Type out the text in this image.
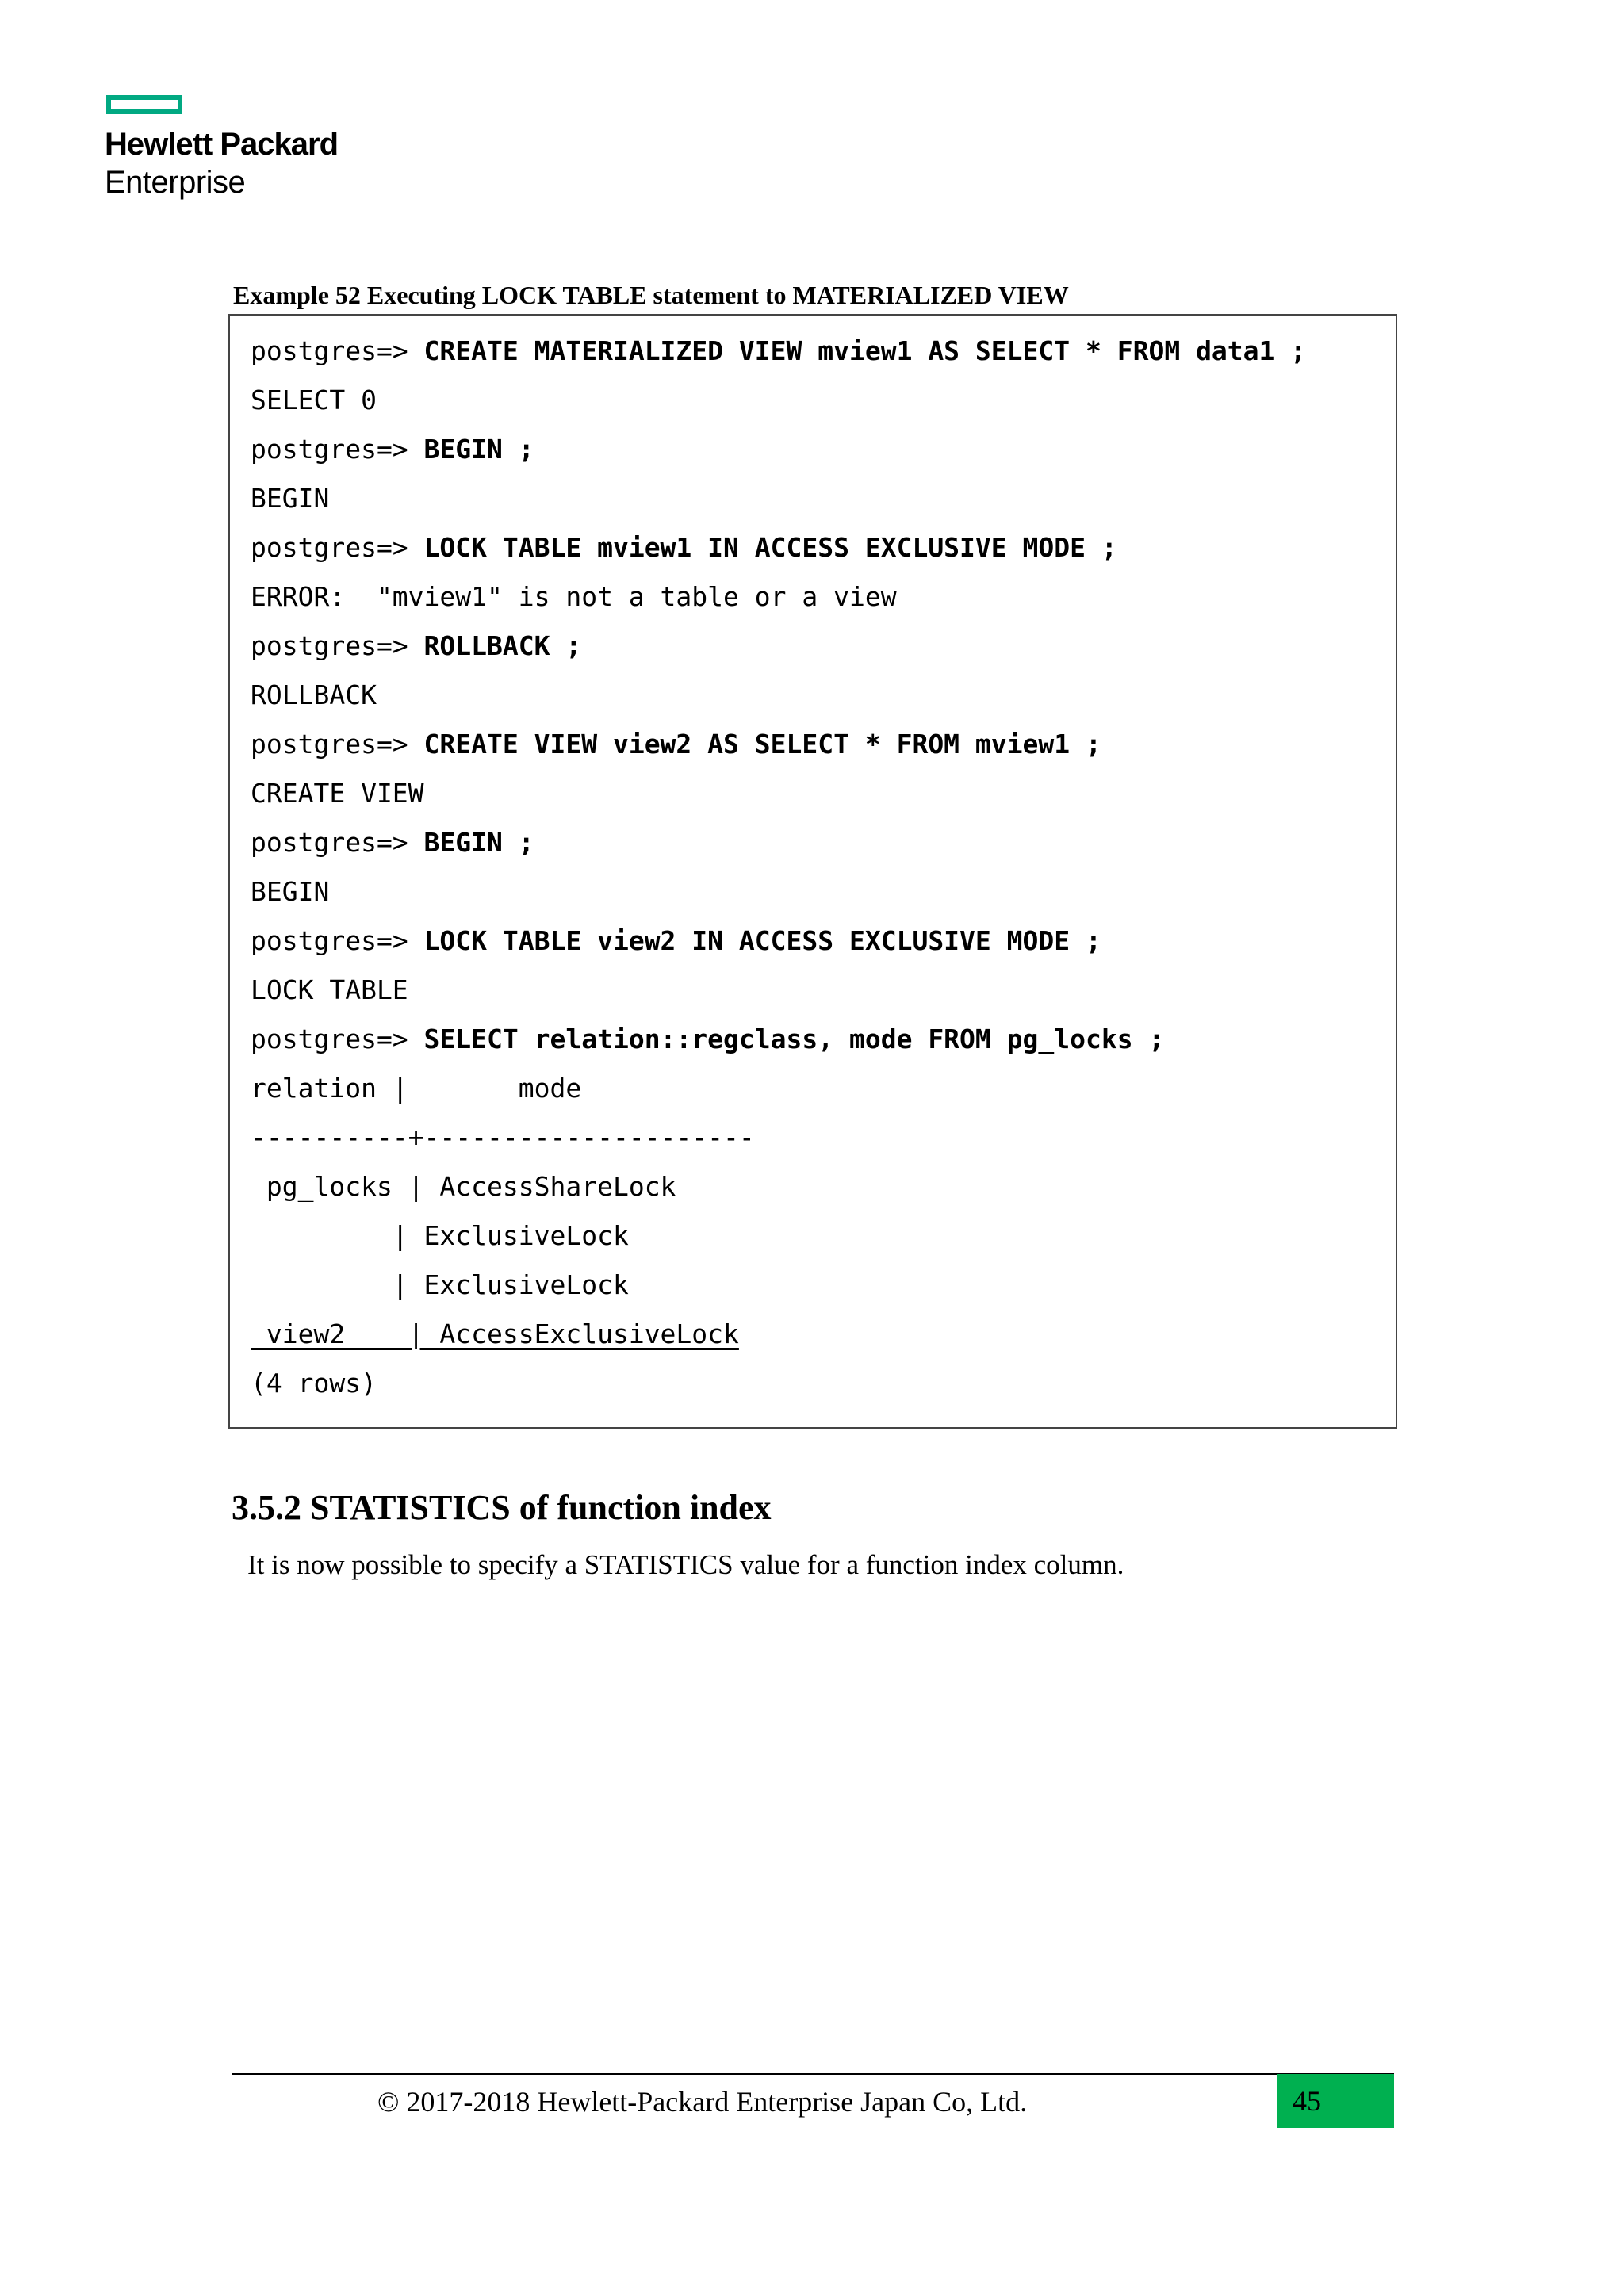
Hewlett Packard
Enterprise
Example 52 Executing LOCK TABLE statement to MATERIALIZED VIEW
postgres=> CREATE MATERIALIZED VIEW mview1 AS SELECT * FROM data1 ;
SELECT 0
postgres=> BEGIN ;
BEGIN
postgres=> LOCK TABLE mview1 IN ACCESS EXCLUSIVE MODE ;
ERROR:  "mview1" is not a table or a view
postgres=> ROLLBACK ;
ROLLBACK
postgres=> CREATE VIEW view2 AS SELECT * FROM mview1 ;
CREATE VIEW
postgres=> BEGIN ;
BEGIN
postgres=> LOCK TABLE view2 IN ACCESS EXCLUSIVE MODE ;
LOCK TABLE
postgres=> SELECT relation::regclass, mode FROM pg_locks ;
relation |       mode
----------+---------------------
pg_locks | AccessShareLock
| ExclusiveLock
| ExclusiveLock
view2    | AccessExclusiveLock
(4 rows)
3.5.2 STATISTICS of function index
It is now possible to specify a STATISTICS value for a function index column.
© 2017-2018 Hewlett-Packard Enterprise Japan Co, Ltd.	45
